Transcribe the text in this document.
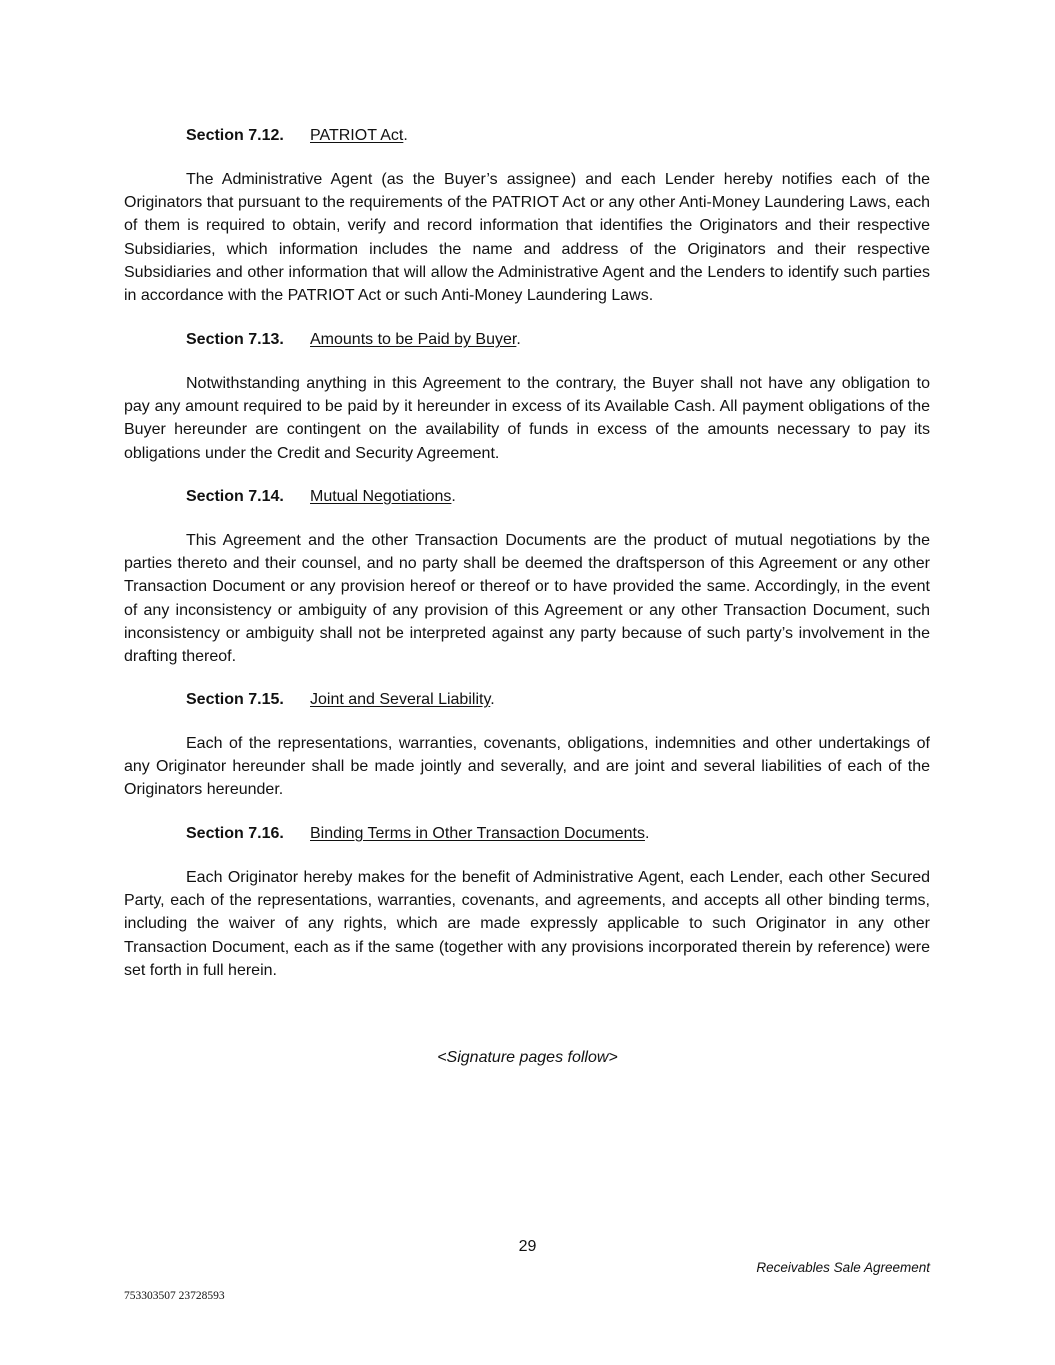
Section 7.12. PATRIOT Act.

The Administrative Agent (as the Buyer’s assignee) and each Lender hereby notifies each of the Originators that pursuant to the requirements of the PATRIOT Act or any other Anti-Money Laundering Laws, each of them is required to obtain, verify and record information that identifies the Originators and their respective Subsidiaries, which information includes the name and address of the Originators and their respective Subsidiaries and other information that will allow the Administrative Agent and the Lenders to identify such parties in accordance with the PATRIOT Act or such Anti-Money Laundering Laws.

Section 7.13. Amounts to be Paid by Buyer.

Notwithstanding anything in this Agreement to the contrary, the Buyer shall not have any obligation to pay any amount required to be paid by it hereunder in excess of its Available Cash. All payment obligations of the Buyer hereunder are contingent on the availability of funds in excess of the amounts necessary to pay its obligations under the Credit and Security Agreement.

Section 7.14. Mutual Negotiations.

This Agreement and the other Transaction Documents are the product of mutual negotiations by the parties thereto and their counsel, and no party shall be deemed the draftsperson of this Agreement or any other Transaction Document or any provision hereof or thereof or to have provided the same. Accordingly, in the event of any inconsistency or ambiguity of any provision of this Agreement or any other Transaction Document, such inconsistency or ambiguity shall not be interpreted against any party because of such party’s involvement in the drafting thereof.

Section 7.15. Joint and Several Liability.

Each of the representations, warranties, covenants, obligations, indemnities and other undertakings of any Originator hereunder shall be made jointly and severally, and are joint and several liabilities of each of the Originators hereunder.

Section 7.16. Binding Terms in Other Transaction Documents.

Each Originator hereby makes for the benefit of Administrative Agent, each Lender, each other Secured Party, each of the representations, warranties, covenants, and agreements, and accepts all other binding terms, including the waiver of any rights, which are made expressly applicable to such Originator in any other Transaction Document, each as if the same (together with any provisions incorporated therein by reference) were set forth in full herein.

<Signature pages follow>
29
Receivables Sale Agreement
753303507 23728593
